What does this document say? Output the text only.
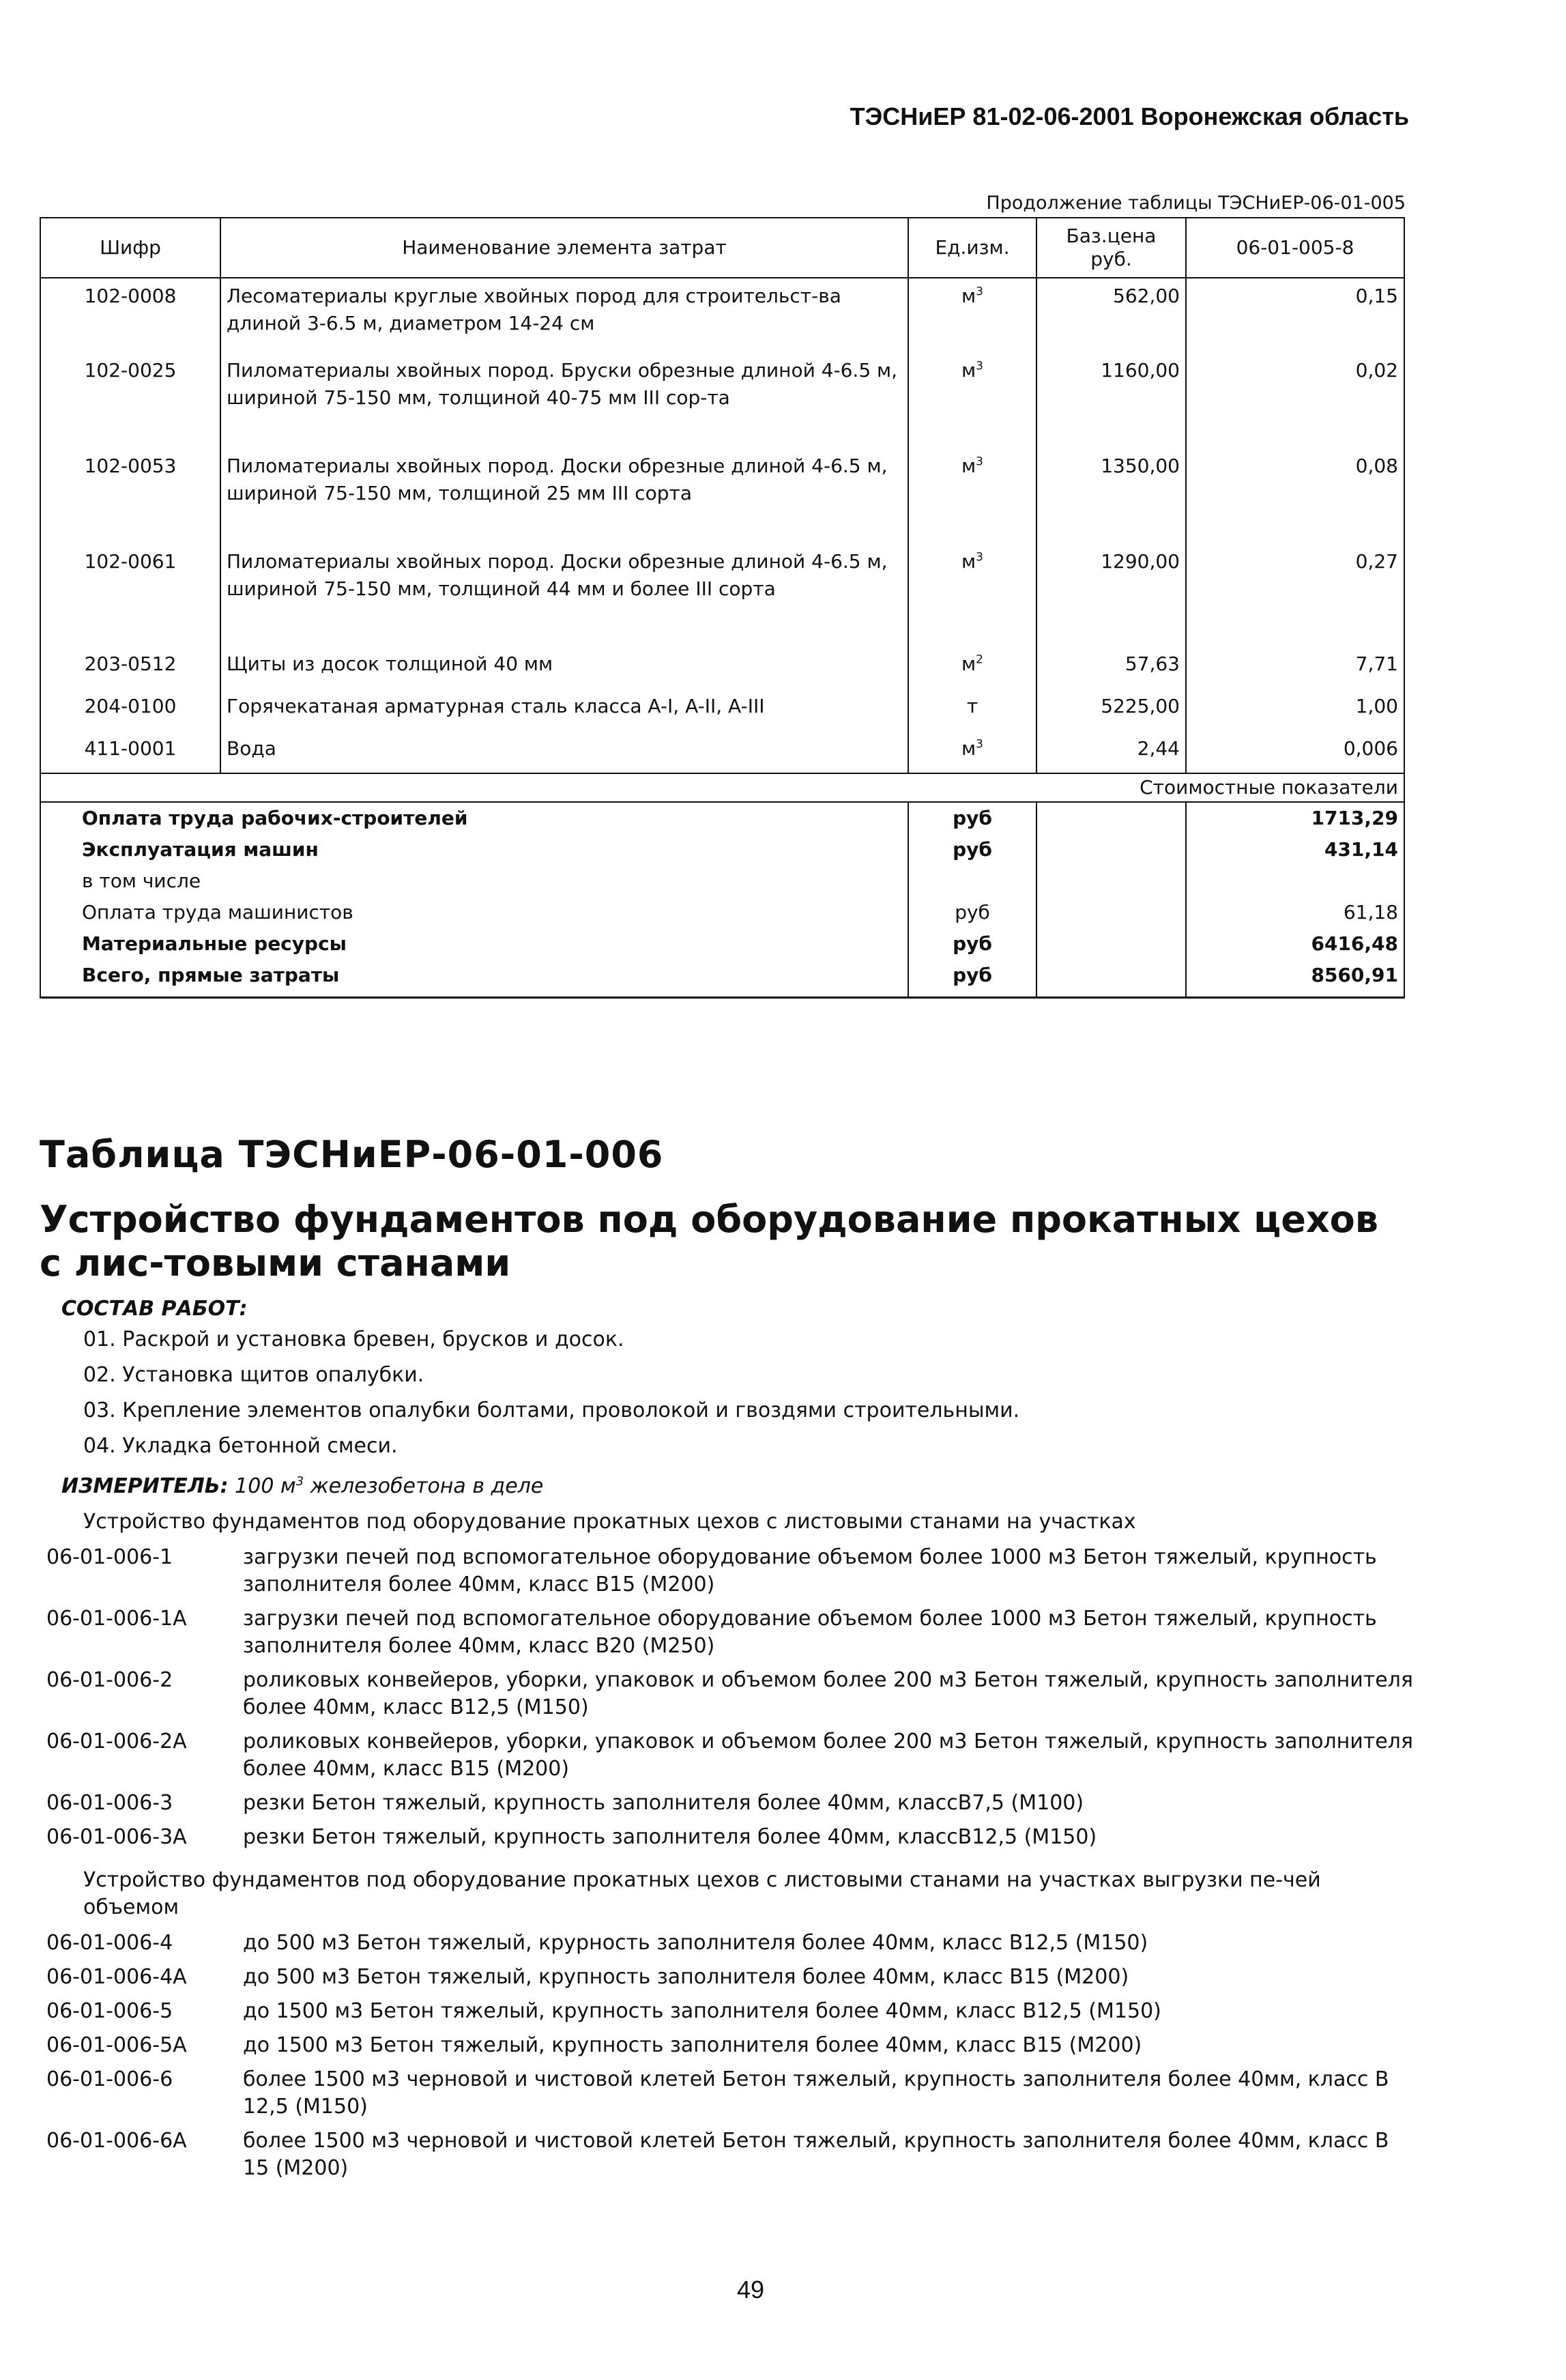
ТЭСНиЕР 81-02-06-2001 Воронежская область
Продолжение таблицы ТЭСНиЕР-06-01-005
Шифр	Наименование элемента затрат	Ед.изм.	Баз.цена руб.	06-01-005-8
102-0008	Лесоматериалы круглые хвойных пород для строительст-ва длиной 3-6.5 м, диаметром 14-24 см	$м^3$	562,00	0,15
102-0025	Пиломатериалы хвойных пород. Бруски обрезные длиной 4-6.5 м, шириной 75-150 мм, толщиной 40-75 мм III сор-та	$м^3$	1160,00	0,02
102-0053	Пиломатериалы хвойных пород. Доски обрезные длиной 4-6.5 м, шириной 75-150 мм, толщиной 25 мм III сорта	$м^3$	1350,00	0,08
102-0061	Пиломатериалы хвойных пород. Доски обрезные длиной 4-6.5 м, шириной 75-150 мм, толщиной 44 мм и более III сорта	$м^3$	1290,00	0,27
203-0512	Щиты из досок толщиной 40 мм	$м^2$	57,63	7,71
204-0100	Горячекатаная арматурная сталь класса A-I, A-II, A-III	т	5225,00	1,00
411-0001	Вода	$м^3$	2,44	0,006
Стоимостные показатели				
Оплата труда рабочих-строителей		руб		1713,29
Эксплуатация машин		руб		431,14
в том числе				
Оплата труда машинистов		руб		61,18
Материальные ресурсы		руб		6416,48
Всего, прямые затраты		руб		8560,91
Таблица ТЭСНиЕР-06-01-006
Устройство фундаментов под оборудование прокатных цехов с лис-товыми станами
СОСТАВ РАБОТ:
01. Раскрой и установка бревен, брусков и досок.
02. Установка щитов опалубки.
03. Крепление элементов опалубки болтами, проволокой и гвоздями строительными.
04. Укладка бетонной смеси.
ИЗМЕРИТЕЛЬ: 100 $м^3$ железобетона в деле
Устройство фундаментов под оборудование прокатных цехов с листовыми станами на участках
06-01-006-1	загрузки печей под вспомогательное оборудование объемом более 1000 м3 Бетон тяжелый, крупность заполнителя более 40мм, класс В15 (М200)
06-01-006-1А	загрузки печей под вспомогательное оборудование объемом более 1000 м3 Бетон тяжелый, крупность заполнителя более 40мм, класс В20 (М250)
06-01-006-2	роликовых конвейеров, уборки, упаковок и объемом более 200 м3 Бетон тяжелый, крупность заполнителя более 40мм, класс В12,5 (М150)
06-01-006-2А	роликовых конвейеров, уборки, упаковок и объемом более 200 м3 Бетон тяжелый, крупность заполнителя более 40мм, класс В15 (М200)
06-01-006-3	резки Бетон тяжелый, крупность заполнителя более 40мм, классВ7,5 (М100)
06-01-006-3А	резки Бетон тяжелый, крупность заполнителя более 40мм, классВ12,5 (М150)
Устройство фундаментов под оборудование прокатных цехов с листовыми станами на участках выгрузки пе-чей объемом
06-01-006-4	до 500 м3 Бетон тяжелый, крурность заполнителя более 40мм, класс В12,5 (М150)
06-01-006-4А	до 500 м3 Бетон тяжелый, крупность заполнителя более 40мм, класс В15 (М200)
06-01-006-5	до 1500 м3 Бетон тяжелый, крупность заполнителя более 40мм, класс В12,5 (М150)
06-01-006-5А	до 1500 м3 Бетон тяжелый, крупность заполнителя более 40мм, класс В15 (М200)
06-01-006-6	более 1500 м3 черновой и чистовой клетей Бетон тяжелый, крупность заполнителя более 40мм, класс В 12,5 (М150)
06-01-006-6А	более 1500 м3 черновой и чистовой клетей Бетон тяжелый, крупность заполнителя более 40мм, класс В 15 (М200)
49
